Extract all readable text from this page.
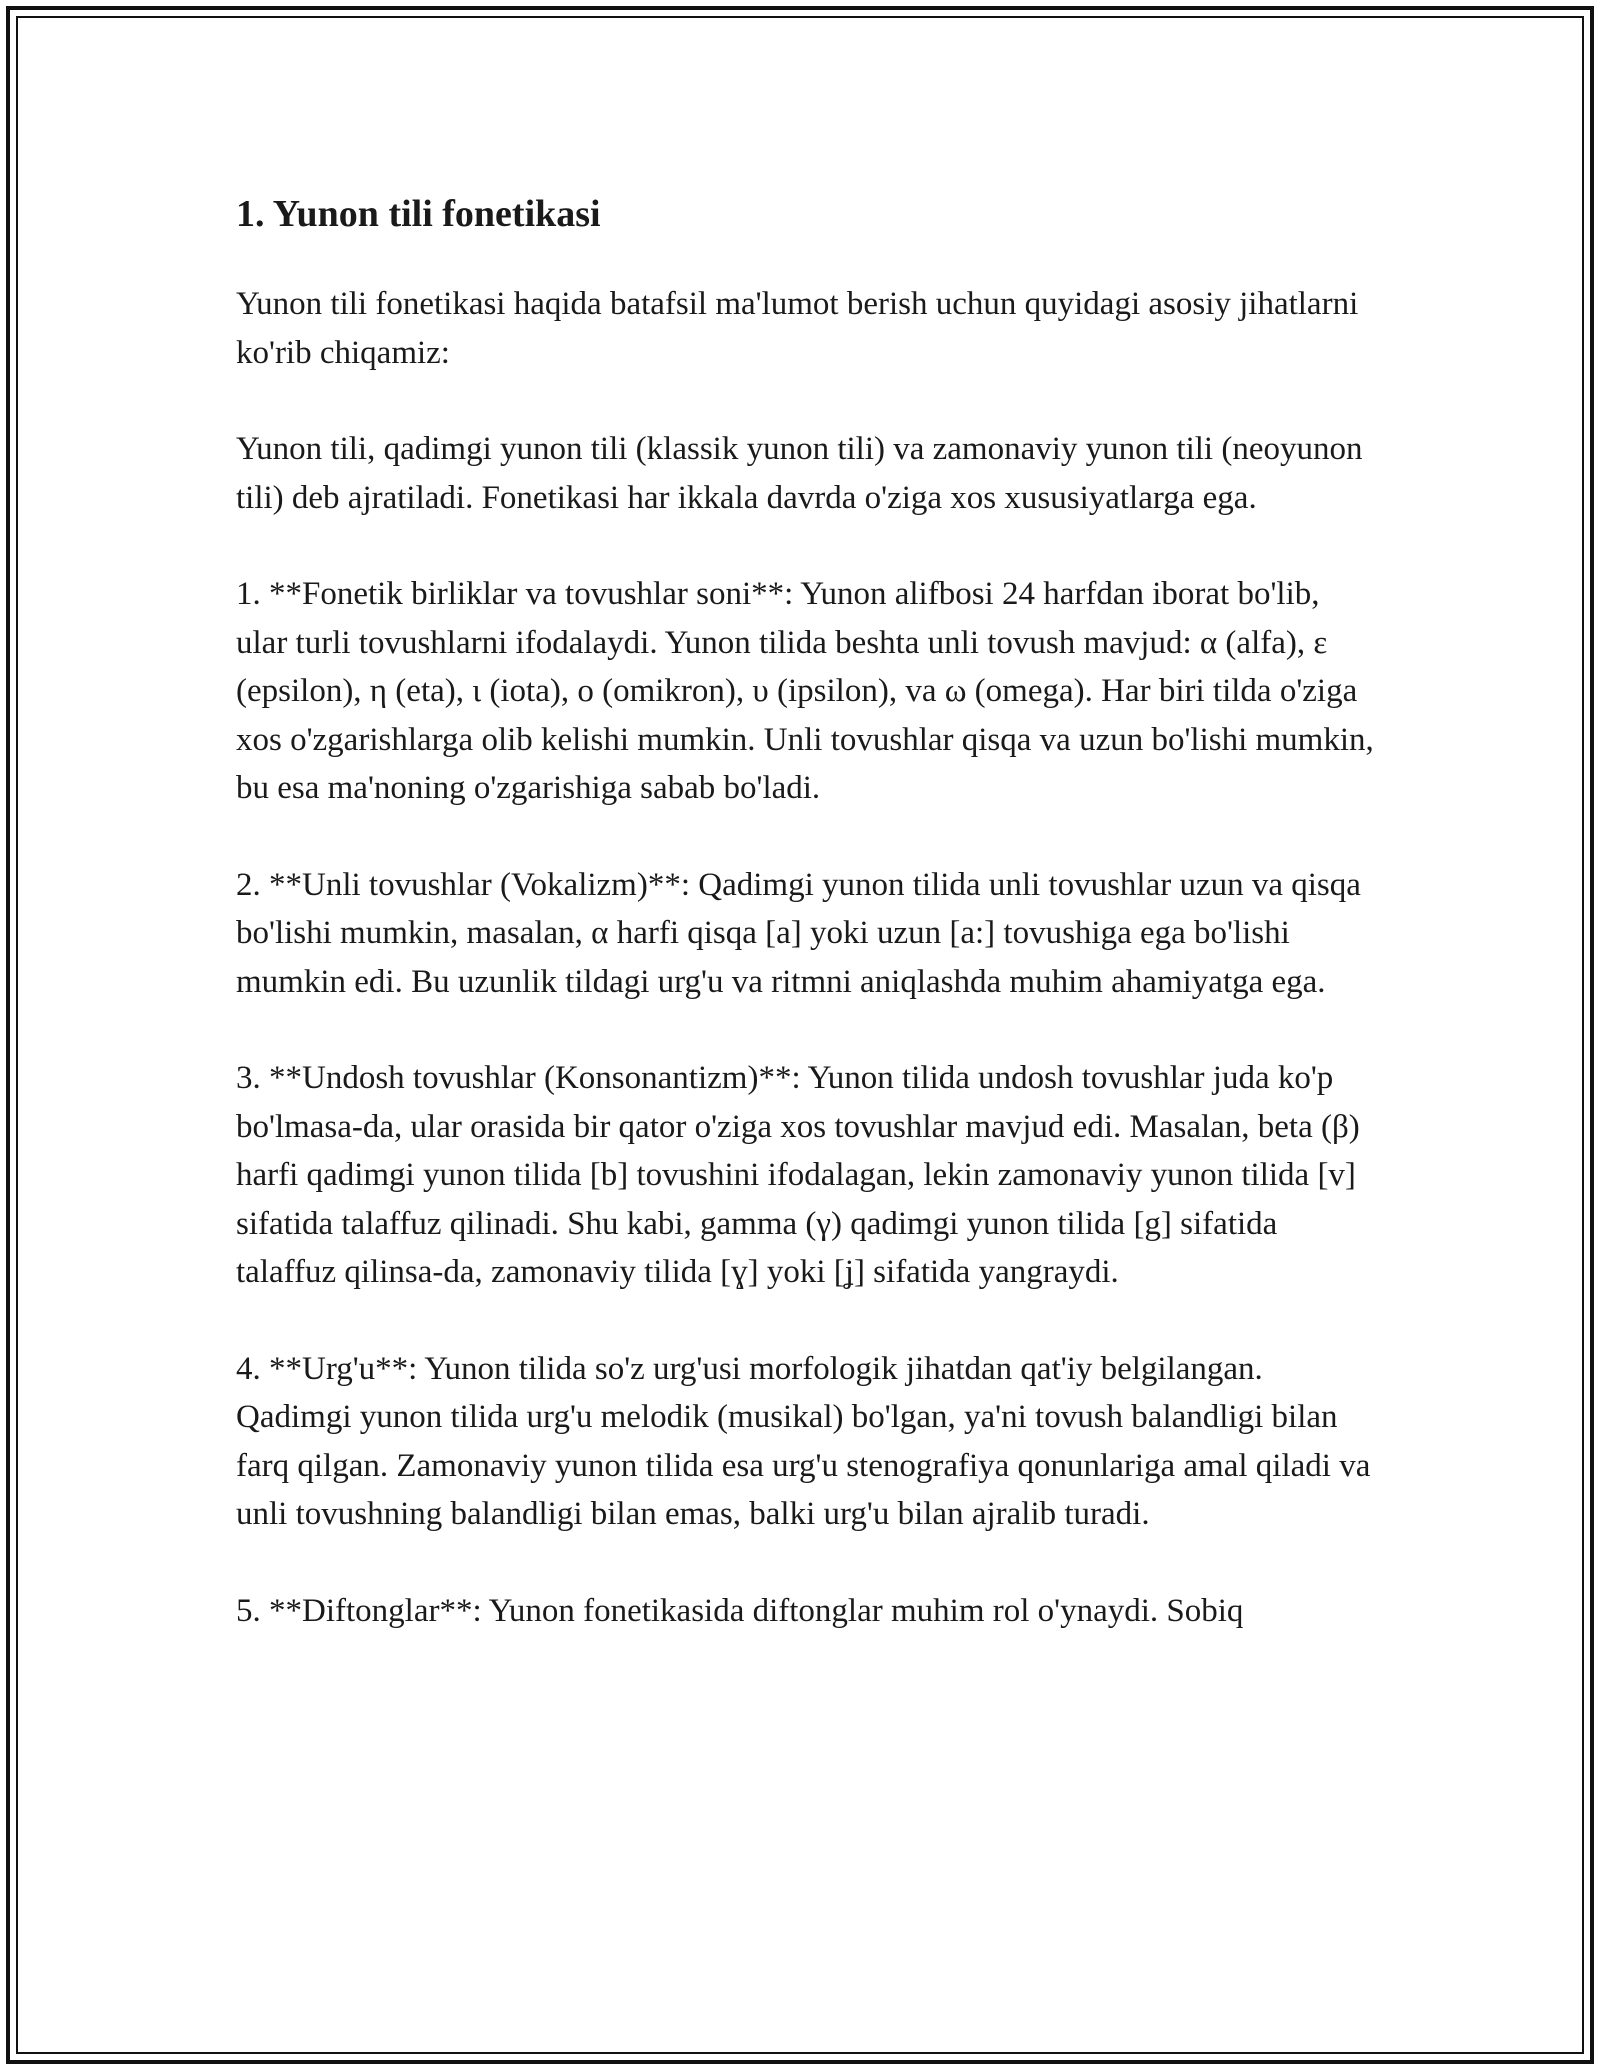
1. Yunon tili fonetikasi

Yunon tili fonetikasi haqida batafsil ma'lumot berish uchun quyidagi asosiy jihatlarni ko'rib chiqamiz:

Yunon tili, qadimgi yunon tili (klassik yunon tili) va zamonaviy yunon tili (neoyunon tili) deb ajratiladi. Fonetikasi har ikkala davrda o'ziga xos xususiyatlarga ega.

1. **Fonetik birliklar va tovushlar soni**: Yunon alifbosi 24 harfdan iborat bo'lib, ular turli tovushlarni ifodalaydi. Yunon tilida beshta unli tovush mavjud: α (alfa), ε (epsilon), η (eta), ι (iota), ο (omikron), υ (ipsilon), va ω (omega). Har biri tilda o'ziga xos o'zgarishlarga olib kelishi mumkin. Unli tovushlar qisqa va uzun bo'lishi mumkin, bu esa ma'noning o'zgarishiga sabab bo'ladi.

2. **Unli tovushlar (Vokalizm)**: Qadimgi yunon tilida unli tovushlar uzun va qisqa bo'lishi mumkin, masalan, α harfi qisqa [a] yoki uzun [a:] tovushiga ega bo'lishi mumkin edi. Bu uzunlik tildagi urg'u va ritmni aniqlashda muhim ahamiyatga ega.

3. **Undosh tovushlar (Konsonantizm)**: Yunon tilida undosh tovushlar juda ko'p bo'lmasa-da, ular orasida bir qator o'ziga xos tovushlar mavjud edi. Masalan, beta (β) harfi qadimgi yunon tilida [b] tovushini ifodalagan, lekin zamonaviy yunon tilida [v] sifatida talaffuz qilinadi. Shu kabi, gamma (γ) qadimgi yunon tilida [g] sifatida talaffuz qilinsa-da, zamonaviy tilida [ɣ] yoki [ʝ] sifatida yangraydi.

4. **Urg'u**: Yunon tilida so'z urg'usi morfologik jihatdan qat'iy belgilangan. Qadimgi yunon tilida urg'u melodik (musikal) bo'lgan, ya'ni tovush balandligi bilan farq qilgan. Zamonaviy yunon tilida esa urg'u stenografiya qonunlariga amal qiladi va unli tovushning balandligi bilan emas, balki urg'u bilan ajralib turadi.

5. **Diftonglar**: Yunon fonetikasida diftonglar muhim rol o'ynaydi. Sobiq
